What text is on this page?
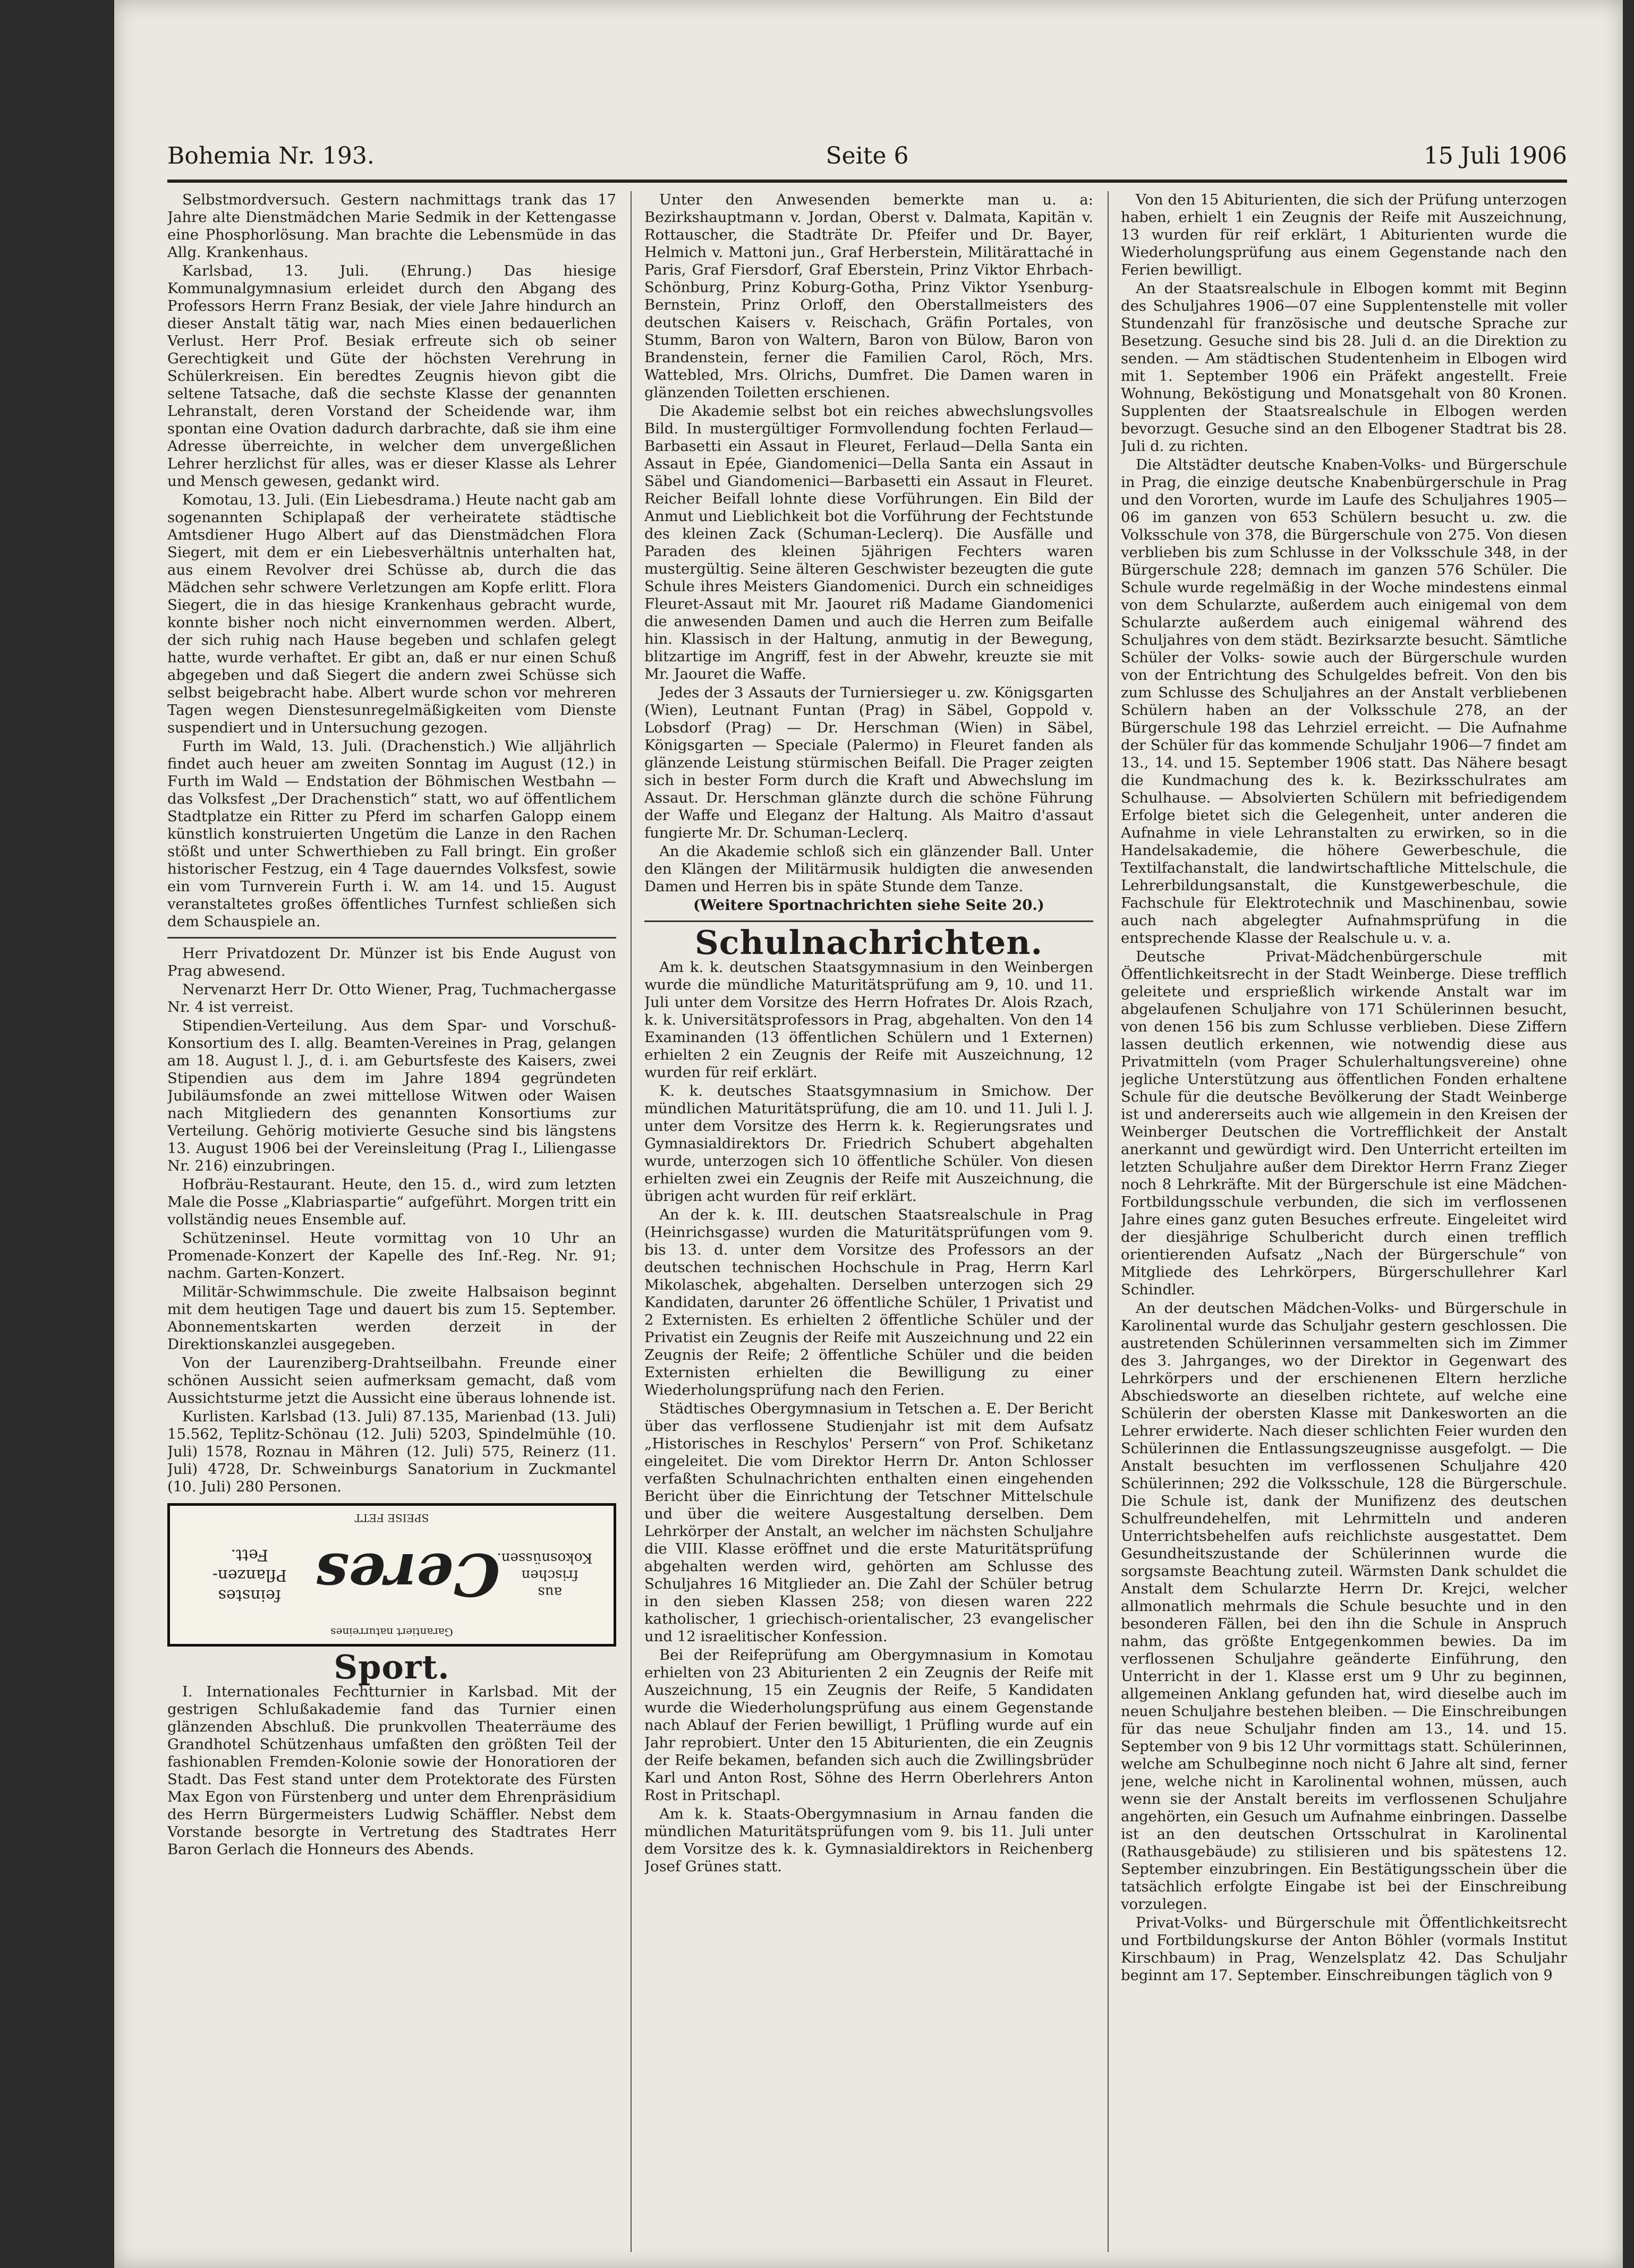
Bohemia Nr. 193.	Seite 6	15 Juli 1906

Selbstmordversuch. Gestern nachmittags trank das 17 Jahre alte Dienstmädchen Marie Sedmik in der Kettengasse eine Phosphorlösung. Man brachte die Lebensmüde in das Allg. Krankenhaus.

Karlsbad, 13. Juli. (Ehrung.) Das hiesige Kommunalgymnasium erleidet durch den Abgang des Professors Herrn Franz Besiak, der viele Jahre hindurch an dieser Anstalt tätig war, nach Mies einen bedauerlichen Verlust. Herr Prof. Besiak erfreute sich ob seiner Gerechtigkeit und Güte der höchsten Verehrung in Schülerkreisen. Ein beredtes Zeugnis hievon gibt die seltene Tatsache, daß die sechste Klasse der genannten Lehranstalt, deren Vorstand der Scheidende war, ihm spontan eine Ovation dadurch darbrachte, daß sie ihm eine Adresse überreichte, in welcher dem unvergeßlichen Lehrer herzlichst für alles, was er dieser Klasse als Lehrer und Mensch gewesen, gedankt wird.

Komotau, 13. Juli. (Ein Liebesdrama.) Heute nacht gab am sogenannten Schiplapaß der verheiratete städtische Amtsdiener Hugo Albert auf das Dienstmädchen Flora Siegert, mit dem er ein Liebesverhältnis unterhalten hat, aus einem Revolver drei Schüsse ab, durch die das Mädchen sehr schwere Verletzungen am Kopfe erlitt. Flora Siegert, die in das hiesige Krankenhaus gebracht wurde, konnte bisher noch nicht einvernommen werden. Albert, der sich ruhig nach Hause begeben und schlafen gelegt hatte, wurde verhaftet. Er gibt an, daß er nur einen Schuß abgegeben und daß Siegert die andern zwei Schüsse sich selbst beigebracht habe. Albert wurde schon vor mehreren Tagen wegen Dienstesunregelmäßigkeiten vom Dienste suspendiert und in Untersuchung gezogen.

Furth im Wald, 13. Juli. (Drachenstich.) Wie alljährlich findet auch heuer am zweiten Sonntag im August (12.) in Furth im Wald — Endstation der Böhmischen Westbahn — das Volksfest „Der Drachenstich“ statt, wo auf öffentlichem Stadtplatze ein Ritter zu Pferd im scharfen Galopp einem künstlich konstruierten Ungetüm die Lanze in den Rachen stößt und unter Schwerthieben zu Fall bringt. Ein großer historischer Festzug, ein 4 Tage dauerndes Volksfest, sowie ein vom Turnverein Furth i. W. am 14. und 15. August veranstaltetes großes öffentliches Turnfest schließen sich dem Schauspiele an.

Herr Privatdozent Dr. Münzer ist bis Ende August von Prag abwesend.

Nervenarzt Herr Dr. Otto Wiener, Prag, Tuchmachergasse Nr. 4 ist verreist.

Stipendien-Verteilung. Aus dem Spar- und Vorschuß-Konsortium des I. allg. Beamten-Vereines in Prag, gelangen am 18. August l. J., d. i. am Geburtsfeste des Kaisers, zwei Stipendien aus dem im Jahre 1894 gegründeten Jubiläumsfonde an zwei mittellose Witwen oder Waisen nach Mitgliedern des genannten Konsortiums zur Verteilung. Gehörig motivierte Gesuche sind bis längstens 13. August 1906 bei der Vereinsleitung (Prag I., Liliengasse Nr. 216) einzubringen.

Hofbräu-Restaurant. Heute, den 15. d., wird zum letzten Male die Posse „Klabriaspartie“ aufgeführt. Morgen tritt ein vollständig neues Ensemble auf.

Schützeninsel. Heute vormittag von 10 Uhr an Promenade-Konzert der Kapelle des Inf.-Reg. Nr. 91; nachm. Garten-Konzert.

Militär-Schwimmschule. Die zweite Halbsaison beginnt mit dem heutigen Tage und dauert bis zum 15. September. Abonnementskarten werden derzeit in der Direktionskanzlei ausgegeben.

Von der Laurenziberg-Drahtseilbahn. Freunde einer schönen Aussicht seien aufmerksam gemacht, daß vom Aussichtsturme jetzt die Aussicht eine überaus lohnende ist.

Kurlisten. Karlsbad (13. Juli) 87.135, Marienbad (13. Juli) 15.562, Teplitz-Schönau (12. Juli) 5203, Spindelmühle (10. Juli) 1578, Roznau in Mähren (12. Juli) 575, Reinerz (11. Juli) 4728, Dr. Schweinburgs Sanatorium in Zuckmantel (10. Juli) 280 Personen.

Garantiert naturreines
aus
frischen
Kokosnüssen.
Ceres
feinstes
Pflanzen-
Fett.
SPEISE FETT
Sport.

I. Internationales Fechtturnier in Karlsbad. Mit der gestrigen Schlußakademie fand das Turnier einen glänzenden Abschluß. Die prunkvollen Theaterräume des Grandhotel Schützenhaus umfaßten den größten Teil der fashionablen Fremden-Kolonie sowie der Honoratioren der Stadt. Das Fest stand unter dem Protektorate des Fürsten Max Egon von Fürstenberg und unter dem Ehrenpräsidium des Herrn Bürgermeisters Ludwig Schäffler. Nebst dem Vorstande besorgte in Vertretung des Stadtrates Herr Baron Gerlach die Honneurs des Abends.

Unter den Anwesenden bemerkte man u. a: Bezirkshauptmann v. Jordan, Oberst v. Dalmata, Kapitän v. Rottauscher, die Stadträte Dr. Pfeifer und Dr. Bayer, Helmich v. Mattoni jun., Graf Herberstein, Militärattaché in Paris, Graf Fiersdorf, Graf Eberstein, Prinz Viktor Ehrbach-Schönburg, Prinz Koburg-Gotha, Prinz Viktor Ysenburg-Bernstein, Prinz Orloff, den Oberstallmeisters des deutschen Kaisers v. Reischach, Gräfin Portales, von Stumm, Baron von Waltern, Baron von Bülow, Baron von Brandenstein, ferner die Familien Carol, Röch, Mrs. Wattebled, Mrs. Olrichs, Dumfret. Die Damen waren in glänzenden Toiletten erschienen.

Die Akademie selbst bot ein reiches abwechslungsvolles Bild. In mustergültiger Formvollendung fochten Ferlaud—Barbasetti ein Assaut in Fleuret, Ferlaud—Della Santa ein Assaut in Epée, Giandomenici—Della Santa ein Assaut in Säbel und Giandomenici—Barbasetti ein Assaut in Fleuret. Reicher Beifall lohnte diese Vorführungen. Ein Bild der Anmut und Lieblichkeit bot die Vorführung der Fechtstunde des kleinen Zack (Schuman-Leclerq). Die Ausfälle und Paraden des kleinen 5jährigen Fechters waren mustergültig. Seine älteren Geschwister bezeugten die gute Schule ihres Meisters Giandomenici. Durch ein schneidiges Fleuret-Assaut mit Mr. Jaouret riß Madame Giandomenici die anwesenden Damen und auch die Herren zum Beifalle hin. Klassisch in der Haltung, anmutig in der Bewegung, blitzartige im Angriff, fest in der Abwehr, kreuzte sie mit Mr. Jaouret die Waffe.

Jedes der 3 Assauts der Turniersieger u. zw. Königsgarten (Wien), Leutnant Funtan (Prag) in Säbel, Goppold v. Lobsdorf (Prag) — Dr. Herschman (Wien) in Säbel, Königsgarten — Speciale (Palermo) in Fleuret fanden als glänzende Leistung stürmischen Beifall. Die Prager zeigten sich in bester Form durch die Kraft und Abwechslung im Assaut. Dr. Herschman glänzte durch die schöne Führung der Waffe und Eleganz der Haltung. Als Maitro d'assaut fungierte Mr. Dr. Schuman-Leclerq.

An die Akademie schloß sich ein glänzender Ball. Unter den Klängen der Militärmusik huldigten die anwesenden Damen und Herren bis in späte Stunde dem Tanze.

(Weitere Sportnachrichten siehe Seite 20.)

Schulnachrichten.

Am k. k. deutschen Staatsgymnasium in den Weinbergen wurde die mündliche Maturitätsprüfung am 9, 10. und 11. Juli unter dem Vorsitze des Herrn Hofrates Dr. Alois Rzach, k. k. Universitätsprofessors in Prag, abgehalten. Von den 14 Examinanden (13 öffentlichen Schülern und 1 Externen) erhielten 2 ein Zeugnis der Reife mit Auszeichnung, 12 wurden für reif erklärt.

K. k. deutsches Staatsgymnasium in Smichow. Der mündlichen Maturitätsprüfung, die am 10. und 11. Juli l. J. unter dem Vorsitze des Herrn k. k. Regierungsrates und Gymnasialdirektors Dr. Friedrich Schubert abgehalten wurde, unterzogen sich 10 öffentliche Schüler. Von diesen erhielten zwei ein Zeugnis der Reife mit Auszeichnung, die übrigen acht wurden für reif erklärt.

An der k. k. III. deutschen Staatsrealschule in Prag (Heinrichsgasse) wurden die Maturitätsprüfungen vom 9. bis 13. d. unter dem Vorsitze des Professors an der deutschen technischen Hochschule in Prag, Herrn Karl Mikolaschek, abgehalten. Derselben unterzogen sich 29 Kandidaten, darunter 26 öffentliche Schüler, 1 Privatist und 2 Externisten. Es erhielten 2 öffentliche Schüler und der Privatist ein Zeugnis der Reife mit Auszeichnung und 22 ein Zeugnis der Reife; 2 öffentliche Schüler und die beiden Externisten erhielten die Bewilligung zu einer Wiederholungsprüfung nach den Ferien.

Städtisches Obergymnasium in Tetschen a. E. Der Bericht über das verflossene Studienjahr ist mit dem Aufsatz „Historisches in Reschylos' Persern“ von Prof. Schiketanz eingeleitet. Die vom Direktor Herrn Dr. Anton Schlosser verfaßten Schulnachrichten enthalten einen eingehenden Bericht über die Einrichtung der Tetschner Mittelschule und über die weitere Ausgestaltung derselben. Dem Lehrkörper der Anstalt, an welcher im nächsten Schuljahre die VIII. Klasse eröffnet und die erste Maturitätsprüfung abgehalten werden wird, gehörten am Schlusse des Schuljahres 16 Mitglieder an. Die Zahl der Schüler betrug in den sieben Klassen 258; von diesen waren 222 katholischer, 1 griechisch-orientalischer, 23 evangelischer und 12 israelitischer Konfession.

Bei der Reifeprüfung am Obergymnasium in Komotau erhielten von 23 Abiturienten 2 ein Zeugnis der Reife mit Auszeichnung, 15 ein Zeugnis der Reife, 5 Kandidaten wurde die Wiederholungsprüfung aus einem Gegenstande nach Ablauf der Ferien bewilligt, 1 Prüfling wurde auf ein Jahr reprobiert. Unter den 15 Abiturienten, die ein Zeugnis der Reife bekamen, befanden sich auch die Zwillingsbrüder Karl und Anton Rost, Söhne des Herrn Oberlehrers Anton Rost in Pritschapl.

Am k. k. Staats-Obergymnasium in Arnau fanden die mündlichen Maturitätsprüfungen vom 9. bis 11. Juli unter dem Vorsitze des k. k. Gymnasialdirektors in Reichenberg Josef Grünes statt.

Von den 15 Abiturienten, die sich der Prüfung unterzogen haben, erhielt 1 ein Zeugnis der Reife mit Auszeichnung, 13 wurden für reif erklärt, 1 Abiturienten wurde die Wiederholungsprüfung aus einem Gegenstande nach den Ferien bewilligt.

An der Staatsrealschule in Elbogen kommt mit Beginn des Schuljahres 1906—07 eine Supplentenstelle mit voller Stundenzahl für französische und deutsche Sprache zur Besetzung. Gesuche sind bis 28. Juli d. an die Direktion zu senden. — Am städtischen Studentenheim in Elbogen wird mit 1. September 1906 ein Präfekt angestellt. Freie Wohnung, Beköstigung und Monatsgehalt von 80 Kronen. Supplenten der Staatsrealschule in Elbogen werden bevorzugt. Gesuche sind an den Elbogener Stadtrat bis 28. Juli d. zu richten.

Die Altstädter deutsche Knaben-Volks- und Bürgerschule in Prag, die einzige deutsche Knabenbürgerschule in Prag und den Vororten, wurde im Laufe des Schuljahres 1905—06 im ganzen von 653 Schülern besucht u. zw. die Volksschule von 378, die Bürgerschule von 275. Von diesen verblieben bis zum Schlusse in der Volksschule 348, in der Bürgerschule 228; demnach im ganzen 576 Schüler. Die Schule wurde regelmäßig in der Woche mindestens einmal von dem Schularzte, außerdem auch einigemal von dem Schularzte außerdem auch einigemal während des Schuljahres von dem städt. Bezirksarzte besucht. Sämtliche Schüler der Volks- sowie auch der Bürgerschule wurden von der Entrichtung des Schulgeldes befreit. Von den bis zum Schlusse des Schuljahres an der Anstalt verbliebenen Schülern haben an der Volksschule 278, an der Bürgerschule 198 das Lehrziel erreicht. — Die Aufnahme der Schüler für das kommende Schuljahr 1906—7 findet am 13., 14. und 15. September 1906 statt. Das Nähere besagt die Kundmachung des k. k. Bezirksschulrates am Schulhause. — Absolvierten Schülern mit befriedigendem Erfolge bietet sich die Gelegenheit, unter anderen die Aufnahme in viele Lehranstalten zu erwirken, so in die Handelsakademie, die höhere Gewerbeschule, die Textilfachanstalt, die landwirtschaftliche Mittelschule, die Lehrerbildungsanstalt, die Kunstgewerbeschule, die Fachschule für Elektrotechnik und Maschinenbau, sowie auch nach abgelegter Aufnahmsprüfung in die entsprechende Klasse der Realschule u. v. a.

Deutsche Privat-Mädchenbürgerschule mit Öffentlichkeitsrecht in der Stadt Weinberge. Diese trefflich geleitete und ersprießlich wirkende Anstalt war im abgelaufenen Schuljahre von 171 Schülerinnen besucht, von denen 156 bis zum Schlusse verblieben. Diese Ziffern lassen deutlich erkennen, wie notwendig diese aus Privatmitteln (vom Prager Schulerhaltungsvereine) ohne jegliche Unterstützung aus öffentlichen Fonden erhaltene Schule für die deutsche Bevölkerung der Stadt Weinberge ist und andererseits auch wie allgemein in den Kreisen der Weinberger Deutschen die Vortrefflichkeit der Anstalt anerkannt und gewürdigt wird. Den Unterricht erteilten im letzten Schuljahre außer dem Direktor Herrn Franz Zieger noch 8 Lehrkräfte. Mit der Bürgerschule ist eine Mädchen-Fortbildungsschule verbunden, die sich im verflossenen Jahre eines ganz guten Besuches erfreute. Eingeleitet wird der diesjährige Schulbericht durch einen trefflich orientierenden Aufsatz „Nach der Bürgerschule“ von Mitgliede des Lehrkörpers, Bürgerschullehrer Karl Schindler.

An der deutschen Mädchen-Volks- und Bürgerschule in Karolinental wurde das Schuljahr gestern geschlossen. Die austretenden Schülerinnen versammelten sich im Zimmer des 3. Jahrganges, wo der Direktor in Gegenwart des Lehrkörpers und der erschienenen Eltern herzliche Abschiedsworte an dieselben richtete, auf welche eine Schülerin der obersten Klasse mit Dankesworten an die Lehrer erwiderte. Nach dieser schlichten Feier wurden den Schülerinnen die Entlassungszeugnisse ausgefolgt. — Die Anstalt besuchten im verflossenen Schuljahre 420 Schülerinnen; 292 die Volksschule, 128 die Bürgerschule. Die Schule ist, dank der Munifizenz des deutschen Schulfreundehelfen, mit Lehrmitteln und anderen Unterrichtsbehelfen aufs reichlichste ausgestattet. Dem Gesundheitszustande der Schülerinnen wurde die sorgsamste Beachtung zuteil. Wärmsten Dank schuldet die Anstalt dem Schularzte Herrn Dr. Krejci, welcher allmonatlich mehrmals die Schule besuchte und in den besonderen Fällen, bei den ihn die Schule in Anspruch nahm, das größte Entgegenkommen bewies. Da im verflossenen Schuljahre geänderte Einführung, den Unterricht in der 1. Klasse erst um 9 Uhr zu beginnen, allgemeinen Anklang gefunden hat, wird dieselbe auch im neuen Schuljahre bestehen bleiben. — Die Einschreibungen für das neue Schuljahr finden am 13., 14. und 15. September von 9 bis 12 Uhr vormittags statt. Schülerinnen, welche am Schulbeginne noch nicht 6 Jahre alt sind, ferner jene, welche nicht in Karolinental wohnen, müssen, auch wenn sie der Anstalt bereits im verflossenen Schuljahre angehörten, ein Gesuch um Aufnahme einbringen. Dasselbe ist an den deutschen Ortsschulrat in Karolinental (Rathausgebäude) zu stilisieren und bis spätestens 12. September einzubringen. Ein Bestätigungsschein über die tatsächlich erfolgte Eingabe ist bei der Einschreibung vorzulegen.

Privat-Volks- und Bürgerschule mit Öffentlichkeitsrecht und Fortbildungskurse der Anton Böhler (vormals Institut Kirschbaum) in Prag, Wenzelsplatz 42. Das Schuljahr beginnt am 17. September. Einschreibungen täglich von 9
